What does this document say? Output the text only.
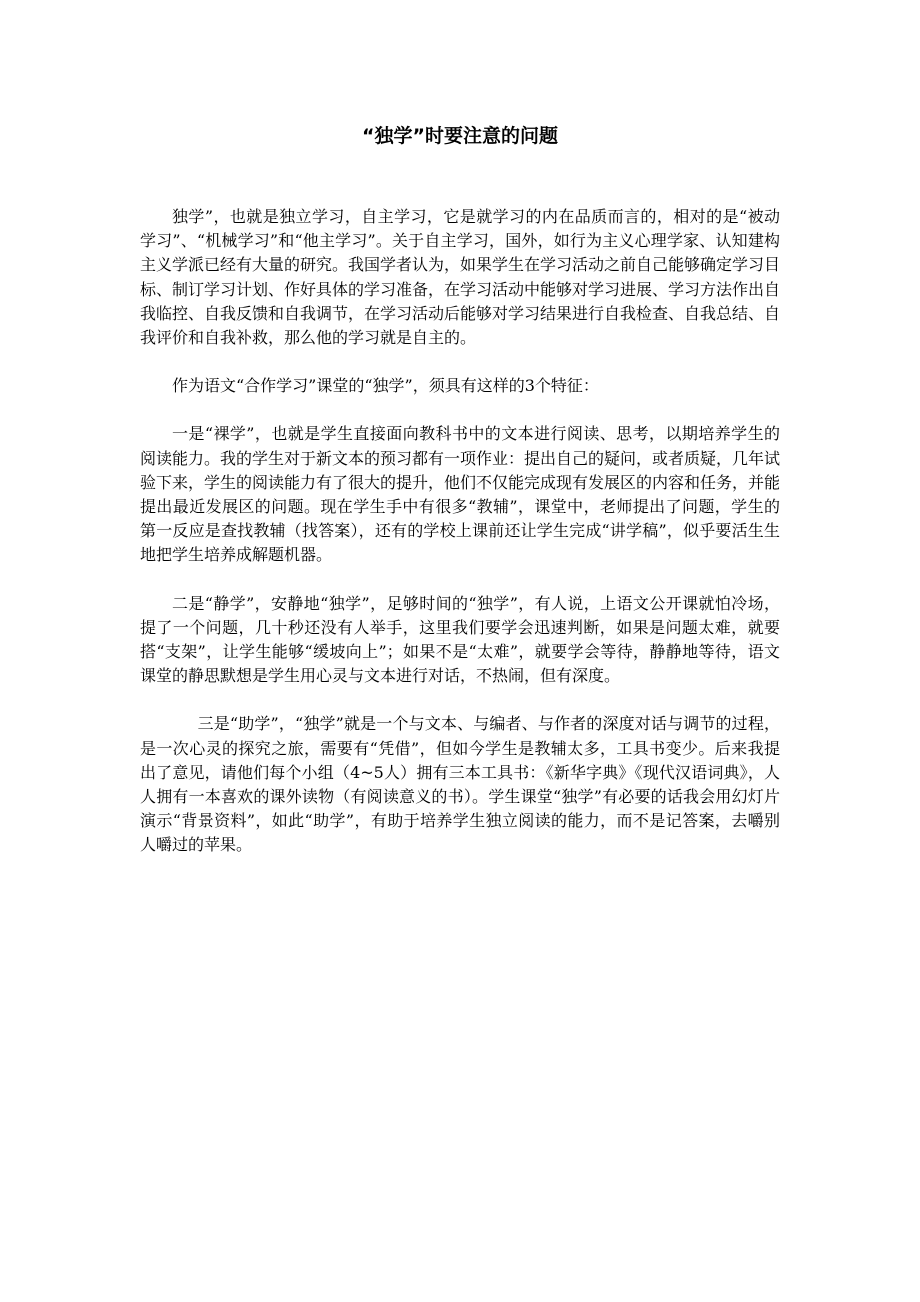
“独学”时要注意的问题

独学”，也就是独立学习，自主学习，它是就学习的内在品质而言的，相对的是“被动学习”、“机械学习”和“他主学习”。关于自主学习，国外，如行为主义心理学家、认知建构主义学派已经有大量的研究。我国学者认为，如果学生在学习活动之前自己能够确定学习目标、制订学习计划、作好具体的学习准备，在学习活动中能够对学习进展、学习方法作出自我临控、自我反馈和自我调节，在学习活动后能够对学习结果进行自我检查、自我总结、自我评价和自我补救，那么他的学习就是自主的。

作为语文“合作学习”课堂的“独学”，须具有这样的3个特征：

一是“裸学”，也就是学生直接面向教科书中的文本进行阅读、思考，以期培养学生的阅读能力。我的学生对于新文本的预习都有一项作业：提出自己的疑问，或者质疑，几年试验下来，学生的阅读能力有了很大的提升，他们不仅能完成现有发展区的内容和任务，并能提出最近发展区的问题。现在学生手中有很多“教辅”，课堂中，老师提出了问题，学生的第一反应是查找教辅（找答案），还有的学校上课前还让学生完成“讲学稿”，似乎要活生生地把学生培养成解题机器。

二是“静学”，安静地“独学”，足够时间的“独学”，有人说，上语文公开课就怕冷场，提了一个问题，几十秒还没有人举手，这里我们要学会迅速判断，如果是问题太难，就要搭“支架”，让学生能够“缓坡向上”；如果不是“太难”，就要学会等待，静静地等待，语文课堂的静思默想是学生用心灵与文本进行对话，不热闹，但有深度。

三是“助学”，“独学”就是一个与文本、与编者、与作者的深度对话与调节的过程，是一次心灵的探究之旅，需要有“凭借”，但如今学生是教辅太多，工具书变少。后来我提出了意见，请他们每个小组（4~5人）拥有三本工具书：《新华字典》《现代汉语词典》，人人拥有一本喜欢的课外读物（有阅读意义的书）。学生课堂“独学”有必要的话我会用幻灯片演示“背景资料”，如此“助学”，有助于培养学生独立阅读的能力，而不是记答案，去嚼别人嚼过的苹果。
